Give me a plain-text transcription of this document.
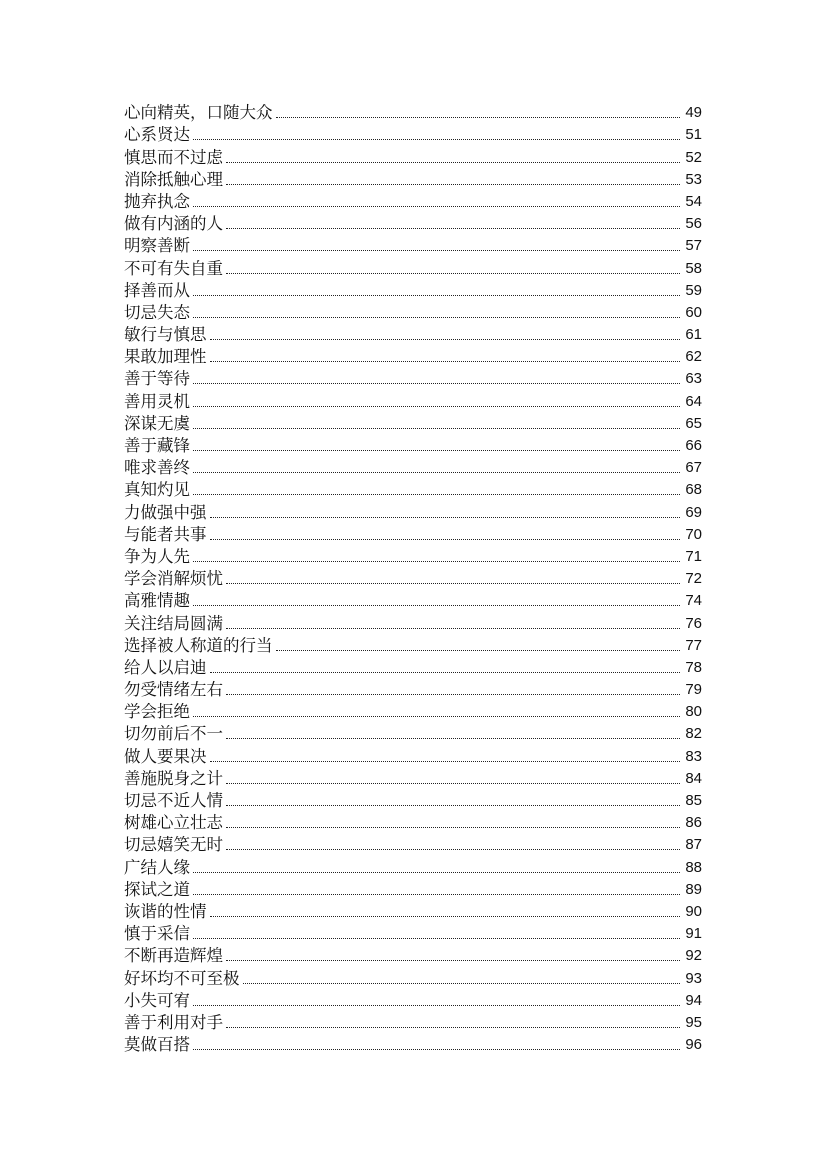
心向精英，口随大众	49
心系贤达	51
慎思而不过虑	52
消除抵触心理	53
抛弃执念	54
做有内涵的人	56
明察善断	57
不可有失自重	58
择善而从	59
切忌失态	60
敏行与慎思	61
果敢加理性	62
善于等待	63
善用灵机	64
深谋无虞	65
善于藏锋	66
唯求善终	67
真知灼见	68
力做强中强	69
与能者共事	70
争为人先	71
学会消解烦忧	72
高雅情趣	74
关注结局圆满	76
选择被人称道的行当	77
给人以启迪	78
勿受情绪左右	79
学会拒绝	80
切勿前后不一	82
做人要果决	83
善施脱身之计	84
切忌不近人情	85
树雄心立壮志	86
切忌嬉笑无时	87
广结人缘	88
探试之道	89
诙谐的性情	90
慎于采信	91
不断再造辉煌	92
好坏均不可至极	93
小失可宥	94
善于利用对手	95
莫做百搭	96
